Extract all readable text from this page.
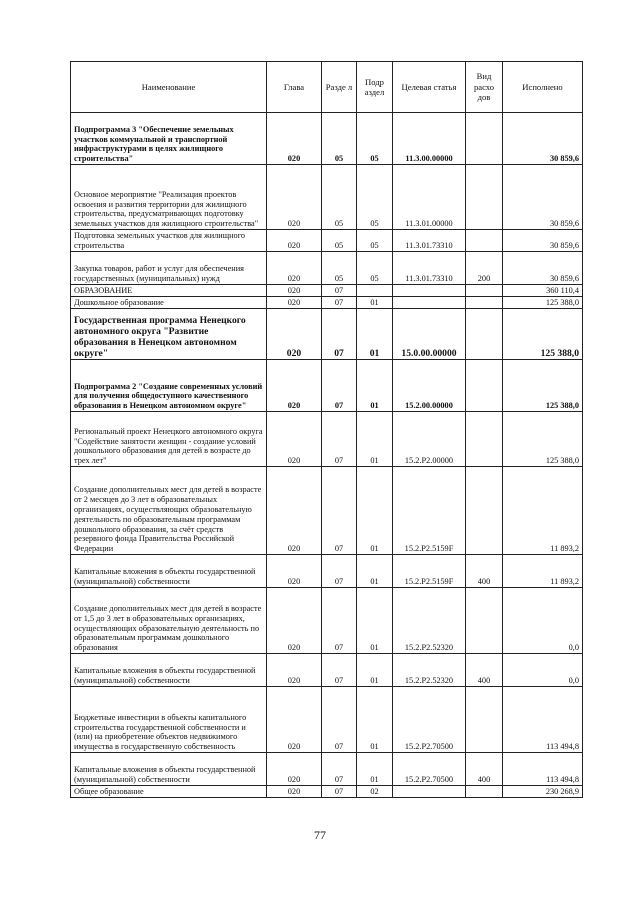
Наименование	Глава	Разде л	Подр аздел	Целевая статья	Вид расхо дов	Исполнено
Подпрограмма 3 "Обеспечение земельных участков коммунальной и транспортной инфраструктурами в целях жилищного строительства"	020	05	05	11.3.00.00000		30 859,6
Основное мероприятие "Реализация проектов освоения и развития территории для жилищного строительства, предусматривающих подготовку земельных участков для жилищного строительства"	020	05	05	11.3.01.00000		30 859,6
Подготовка земельных участков для жилищного строительства	020	05	05	11.3.01.73310		30 859,6
Закупка товаров, работ и услуг для обеспечения государственных (муниципальных) нужд	020	05	05	11.3.01.73310	200	30 859,6
ОБРАЗОВАНИЕ	020	07				360 110,4
Дошкольное образование	020	07	01			125 388,0
Государственная программа Ненецкого автономного округа "Развитие образования в Ненецком автономном округе"	020	07	01	15.0.00.00000		125 388,0
Подпрограмма 2 "Создание современных условий для получения общедоступного качественного образования в Ненецком автономном округе"	020	07	01	15.2.00.00000		125 388,0
Региональный проект Ненецкого автономного округа "Содействие занятости женщин - создание условий дошкольного образования для детей в возрасте до трех лет"	020	07	01	15.2.P2.00000		125 388,0
Создание дополнительных мест для детей в возрасте от 2 месяцев до 3 лет в образовательных организациях, осуществляющих образовательную деятельность по образовательным программам дошкольного образования, за счёт средств резервного фонда Правительства Российской Федерации	020	07	01	15.2.P2.5159F		11 893,2
Капитальные вложения в объекты государственной (муниципальной) собственности	020	07	01	15.2.P2.5159F	400	11 893,2
Создание дополнительных мест для детей в возрасте от 1,5 до 3 лет в образовательных организациях, осуществляющих образовательную деятельность по образовательным программам дошкольного образования	020	07	01	15.2.P2.52320		0,0
Капитальные вложения в объекты государственной (муниципальной) собственности	020	07	01	15.2.P2.52320	400	0,0
Бюджетные инвестиции в объекты капитального строительства государственной собственности и (или) на приобретение объектов недвижимого имущества в государственную собственность	020	07	01	15.2.P2.70500		113 494,8
Капитальные вложения в объекты государственной (муниципальной) собственности	020	07	01	15.2.P2.70500	400	113 494,8
Общее образование	020	07	02			230 268,9
77
